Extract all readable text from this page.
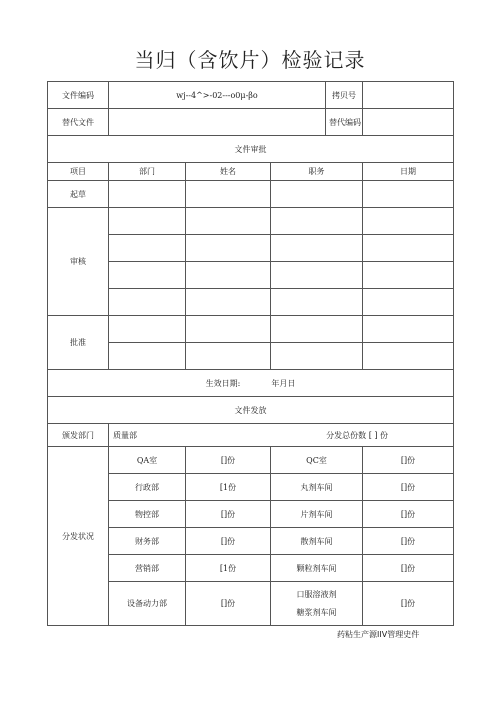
当归（含饮片）检验记录
文件编码	wj--4^>-02---o0μ-βo			拷贝号	
替代文件				替代编码	
文件审批					
项目	部门	姓名	职务		日期
起草					
审核					

批准					

生效日期: 年月日					
文件发放					
颁发部门	质量部 分发总份数 [ ] 份				

分发状况	QA室	[]份	QC室		[]份
	行政部	[1份	丸剂车间		[]份
	物控部	[]份	片剂车间		[]份
	财务部	[]份	散剂车间		[]份
	营销部	[1份	颗粒剂车间		[]份
	设备动力部	[]份	口服溶液剂
糖浆剂车间		[]份
药粘生产源IIV管理史件
